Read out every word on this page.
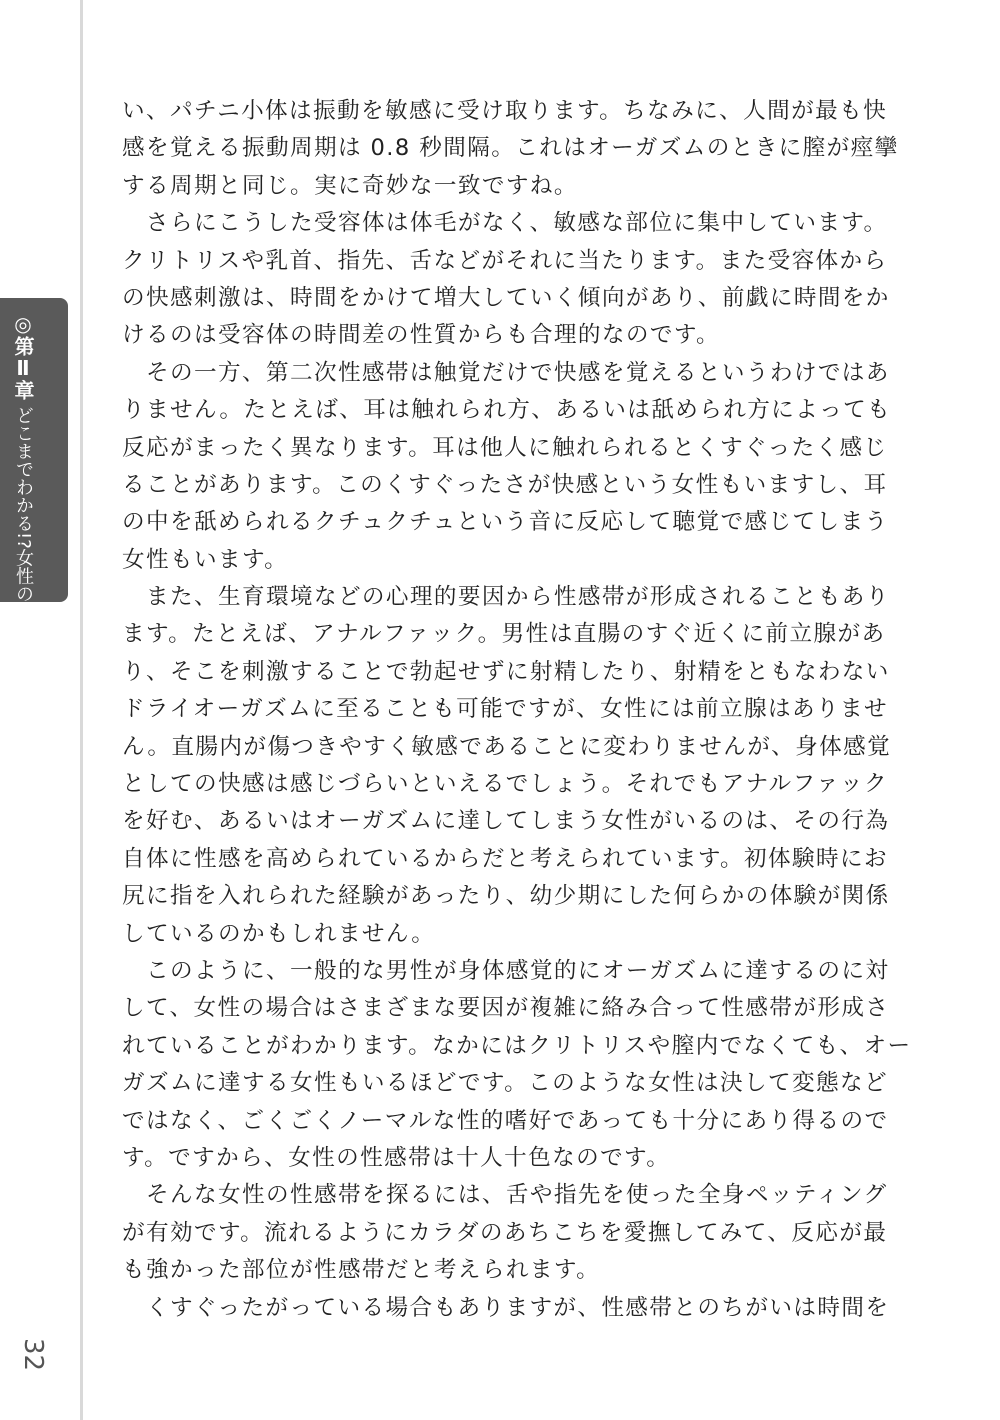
◎第Ⅱ章どこまでわかる!?女性のカラダ
32
い、パチニ小体は振動を敏感に受け取ります。ちなみに、人間が最も快
感を覚える振動周期は 0.8 秒間隔。これはオーガズムのときに膣が痙攣
する周期と同じ。実に奇妙な一致ですね。
　さらにこうした受容体は体毛がなく、敏感な部位に集中しています。
クリトリスや乳首、指先、舌などがそれに当たります。また受容体から
の快感刺激は、時間をかけて増大していく傾向があり、前戯に時間をか
けるのは受容体の時間差の性質からも合理的なのです。
　その一方、第二次性感帯は触覚だけで快感を覚えるというわけではあ
りません。たとえば、耳は触れられ方、あるいは舐められ方によっても
反応がまったく異なります。耳は他人に触れられるとくすぐったく感じ
ることがあります。このくすぐったさが快感という女性もいますし、耳
の中を舐められるクチュクチュという音に反応して聴覚で感じてしまう
女性もいます。
　また、生育環境などの心理的要因から性感帯が形成されることもあり
ます。たとえば、アナルファック。男性は直腸のすぐ近くに前立腺があ
り、そこを刺激することで勃起せずに射精したり、射精をともなわない
ドライオーガズムに至ることも可能ですが、女性には前立腺はありませ
ん。直腸内が傷つきやすく敏感であることに変わりませんが、身体感覚
としての快感は感じづらいといえるでしょう。それでもアナルファック
を好む、あるいはオーガズムに達してしまう女性がいるのは、その行為
自体に性感を高められているからだと考えられています。初体験時にお
尻に指を入れられた経験があったり、幼少期にした何らかの体験が関係
しているのかもしれません。
　このように、一般的な男性が身体感覚的にオーガズムに達するのに対
して、女性の場合はさまざまな要因が複雑に絡み合って性感帯が形成さ
れていることがわかります。なかにはクリトリスや膣内でなくても、オー
ガズムに達する女性もいるほどです。このような女性は決して変態など
ではなく、ごくごくノーマルな性的嗜好であっても十分にあり得るので
す。ですから、女性の性感帯は十人十色なのです。
　そんな女性の性感帯を探るには、舌や指先を使った全身ペッティング
が有効です。流れるようにカラダのあちこちを愛撫してみて、反応が最
も強かった部位が性感帯だと考えられます。
　くすぐったがっている場合もありますが、性感帯とのちがいは時間を
